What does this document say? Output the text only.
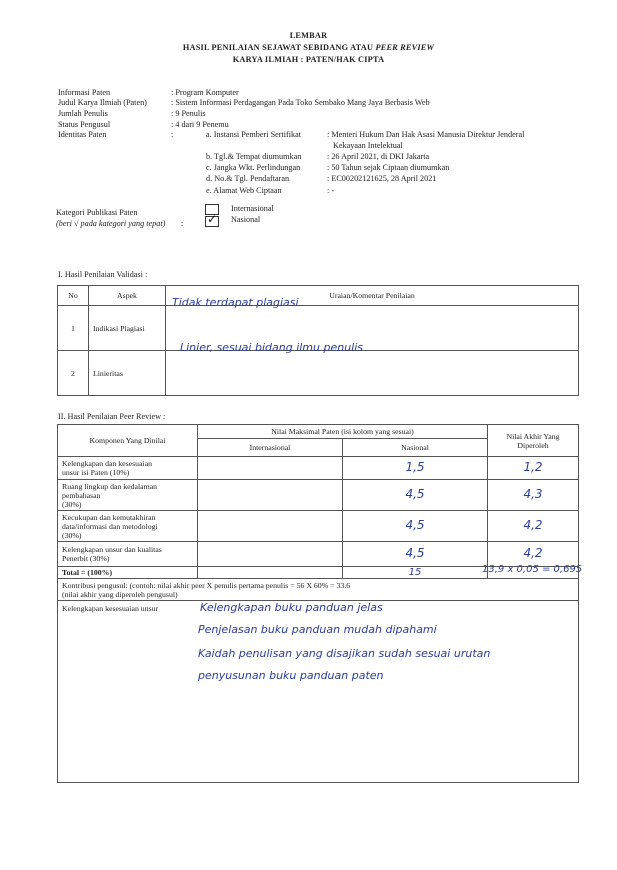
LEMBAR
HASIL PENILAIAN SEJAWAT SEBIDANG ATAU PEER REVIEW
KARYA ILMIAH : PATEN/HAK CIPTA
Informasi Paten	: Program Komputer
Judul Karya Ilmiah (Paten)	: Sistem Informasi Perdagangan Pada Toko Sembako Mang Jaya Berbasis Web
Jumlah Penulis	: 9 Penulis
Status Pengusul	: 4 dari 9 Penemu
Identitas Paten	:	a. Instansi Pemberi Sertifikat	: Menteri Hukum Dan Hak Asasi Manusia Direktur Jenderal
Kekayaan Intelektual
b. Tgl.& Tempat diumumkan	: 26 April 2021, di DKI Jakarta
c. Jangka Wkt. Perlindungan	: 50 Tahun sejak Ciptaan diumumkan
d. No.& Tgl. Pendaftaran	: EC00202121625, 28 April 2021
e. Alamat Web Ciptaan	: -
Kategori Publikasi Paten
(beri √ pada kategori yang tepat) :
Internasional
✓ Nasional
I. Hasil Penilaian Validasi :
No	Aspek	Uraian/Komentar Penilaian
1	Indikasi Plagiasi	Tidak terdapat plagiasi

2	Linieritas	Linier, sesuai bidang ilmu penulis
II. Hasil Penilaian Peer Review :
Komponen Yang Dinilai	Nilai Maksimal Paten (isi kolom yang sesuai)		Nilai Akhir Yang Diperoleh
	Internasional	Nasional	
Kelengkapan dan kesesuaian
unsur isi Paten (10%)		1,5	1,2
Ruang lingkup dan kedalaman
pembahasan
(30%)		4,5	4,3
Kecukupan dan kemutakhiran
data/informasi dan metodologi
(30%)		4,5	4,2
Kelengkapan unsur dan kualitas
Penerbit (30%)		4,5	4,2
Total = (100%)		15	13,9 x 0,05 = 0,695

Kontribusi pengusul: (contoh: nilai akhir peer X penulis pertama penulis = 56 X 60% = 33.6
(nilai akhir yang diperoleh pengusul)			
Kelengkapan kesesuaian unsur Kelengkapan buku panduan jelas
Penjelasan buku panduan mudah dipahami
Kaidah penulisan yang disajikan sudah sesuai urutan
penyusunan buku panduan paten			
